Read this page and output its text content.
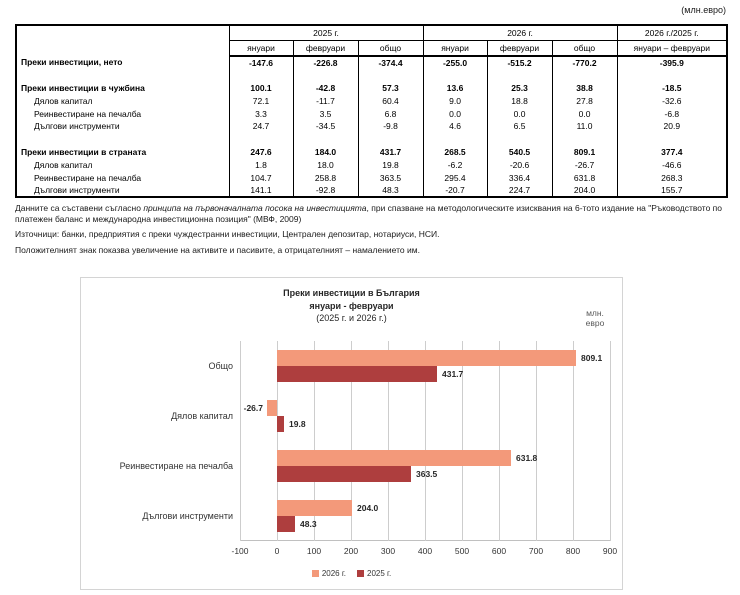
(млн.евро)
	2025 г.			2026 г.			2026 г./2025 г.
	януари	февруари	общо	януари	февруари	общо	януари – февруари
Преки инвестиции, нето	-147.6	-226.8	-374.4	-255.0	-515.2	-770.2	-395.9

Преки инвестиции в чужбина	100.1	-42.8	57.3	13.6	25.3	38.8	-18.5
Дялов капитал	72.1	-11.7	60.4	9.0	18.8	27.8	-32.6
Реинвестиране на печалба	3.3	3.5	6.8	0.0	0.0	0.0	-6.8
Дългови инструменти	24.7	-34.5	-9.8	4.6	6.5	11.0	20.9

Преки инвестиции в страната	247.6	184.0	431.7	268.5	540.5	809.1	377.4
Дялов капитал	1.8	18.0	19.8	-6.2	-20.6	-26.7	-46.6
Реинвестиране на печалба	104.7	258.8	363.5	295.4	336.4	631.8	268.3
Дългови инструменти	141.1	-92.8	48.3	-20.7	224.7	204.0	155.7

Данните са съставени съгласно принципа на първоначалната посока на инвестицията, при спазване на методологическите изисквания на 6-тото издание на "Ръководството по платежен баланс и международна инвестиционна позиция" (МВФ, 2009)

Източници: банки, предприятия с преки чуждестранни инвестиции, Централен депозитар, нотариуси, НСИ.

Положителният знак показва увеличение на активите и пасивите, а отрицателният – намалението им.

Преки инвестиции в България
януари - февруари
(2025 г. и 2026 г.)	млн.
евро
809.1
431.7
-26.7
19.8
631.8
363.5
204.0
48.3
2026 г.	2025 г.
-100	0	100	200	300	400	500	600	700	800	900
Общо
Дялов капитал
Реинвестиране на печалба
Дългови инструменти
